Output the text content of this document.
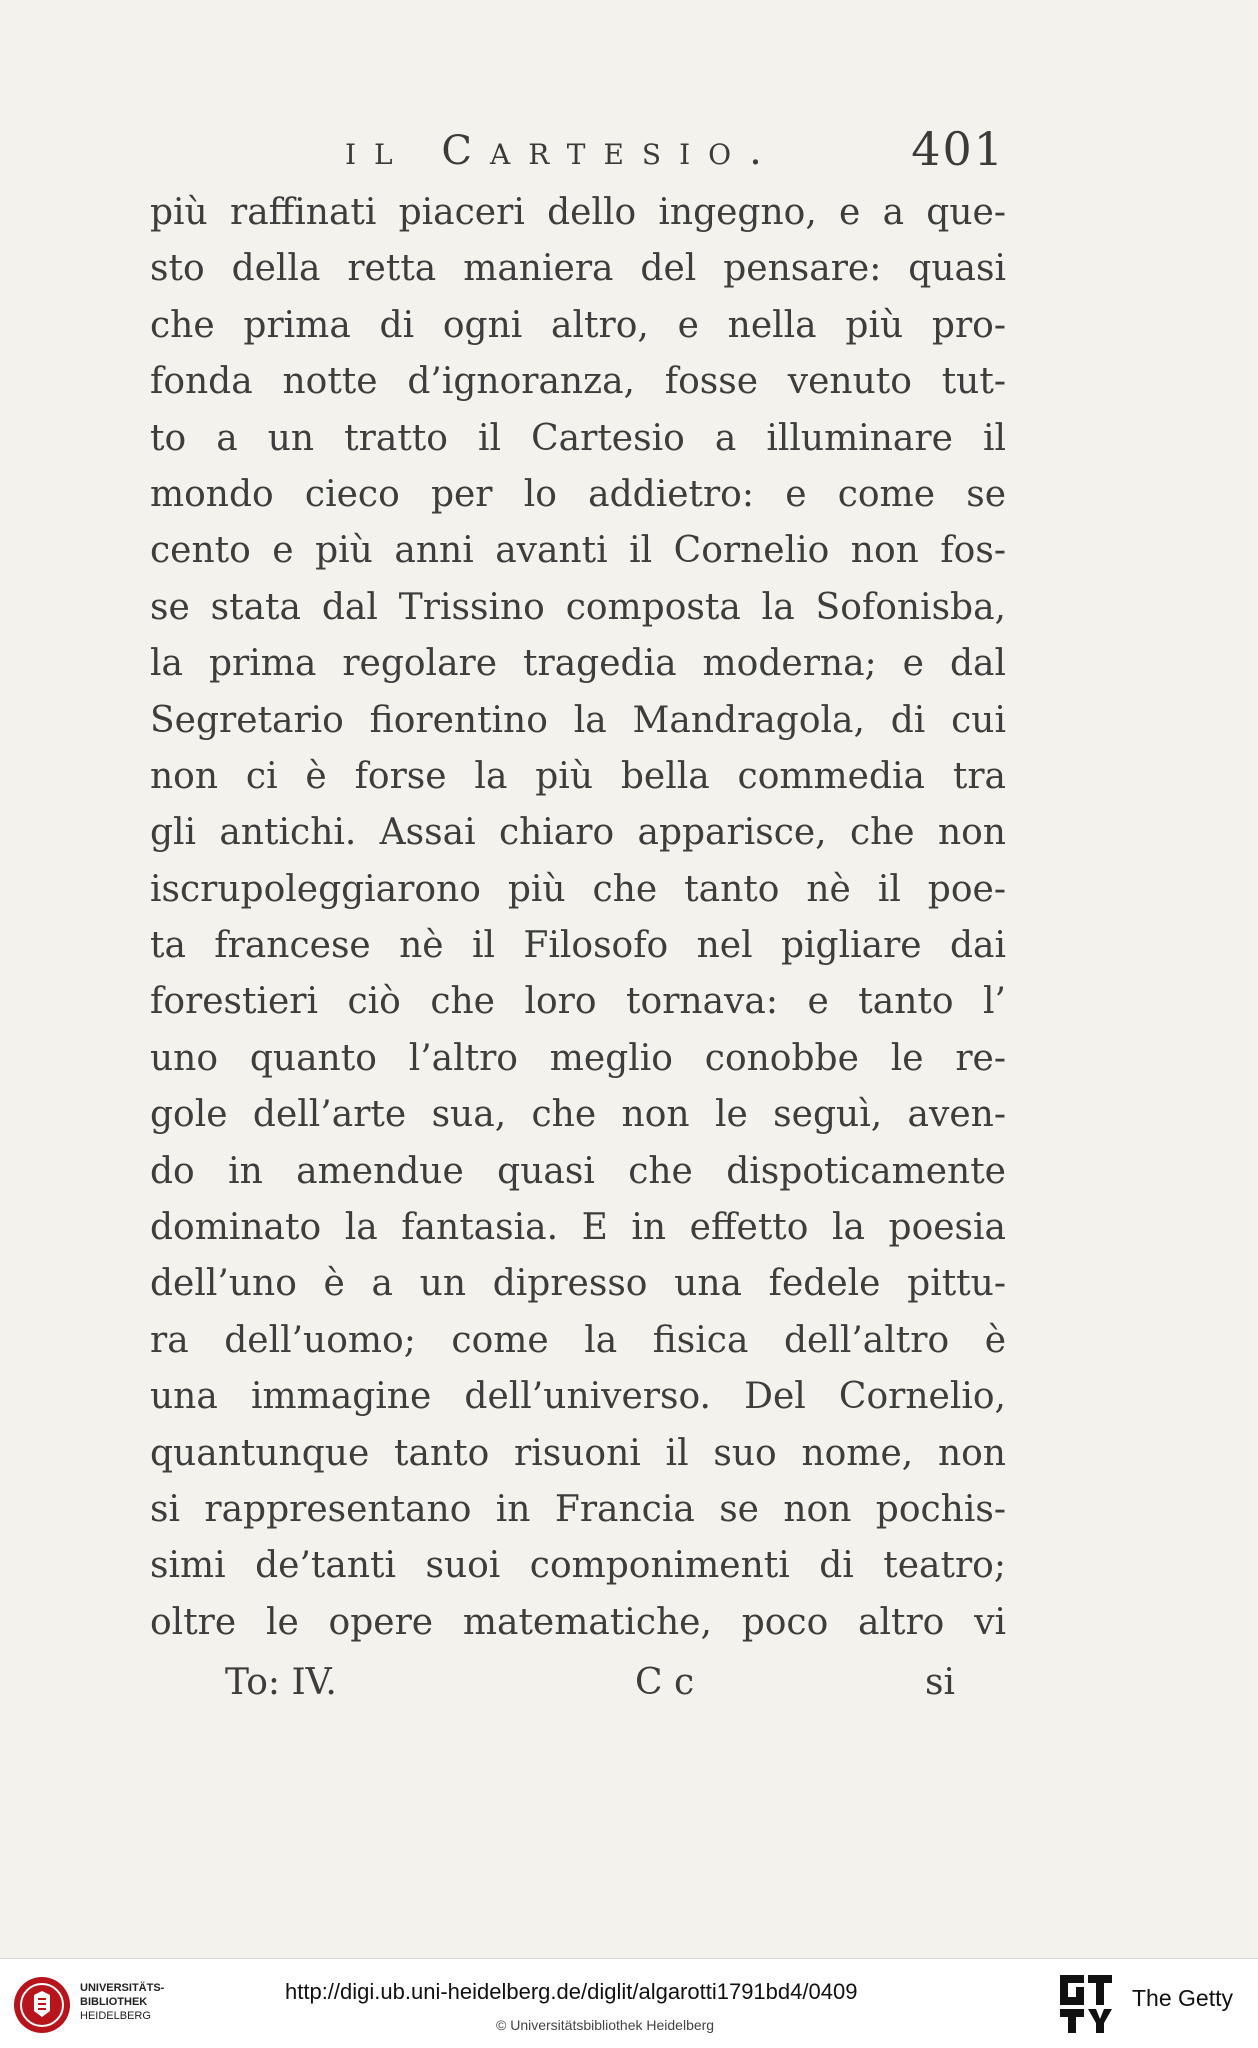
il Cartesio.	401
più raffinati piaceri dello ingegno, e a que-
sto della retta maniera del pensare: quasi
che prima di ogni altro, e nella più pro-
fonda notte d’ignoranza, fosse venuto tut-
to a un tratto il Cartesio a illuminare il
mondo cieco per lo addietro: e come se
cento e più anni avanti il Cornelio non fos-
se stata dal Trissino composta la Sofonisba,
la prima regolare tragedia moderna; e dal
Segretario fiorentino la Mandragola, di cui
non ci è forse la più bella commedia tra
gli antichi. Assai chiaro apparisce, che non
iscrupoleggiarono più che tanto nè il poe-
ta francese nè il Filosofo nel pigliare dai
forestieri ciò che loro tornava: e tanto l’
uno quanto l’altro meglio conobbe le re-
gole dell’arte sua, che non le seguì, aven-
do in amendue quasi che dispoticamente
dominato la fantasia. E in effetto la poesia
dell’uno è a un dipresso una fedele pittu-
ra dell’uomo; come la fisica dell’altro è
una immagine dell’universo. Del Cornelio,
quantunque tanto risuoni il suo nome, non
si rappresentano in Francia se non pochis-
simi de’tanti suoi componimenti di teatro;
oltre le opere matematiche, poco altro vi
To: IV.	C c	si
UNIVERSITÄTS-
BIBLIOTHEK
HEIDELBERG
http://digi.ub.uni-heidelberg.de/diglit/algarotti1791bd4/0409
© Universitätsbibliothek Heidelberg
The Getty
